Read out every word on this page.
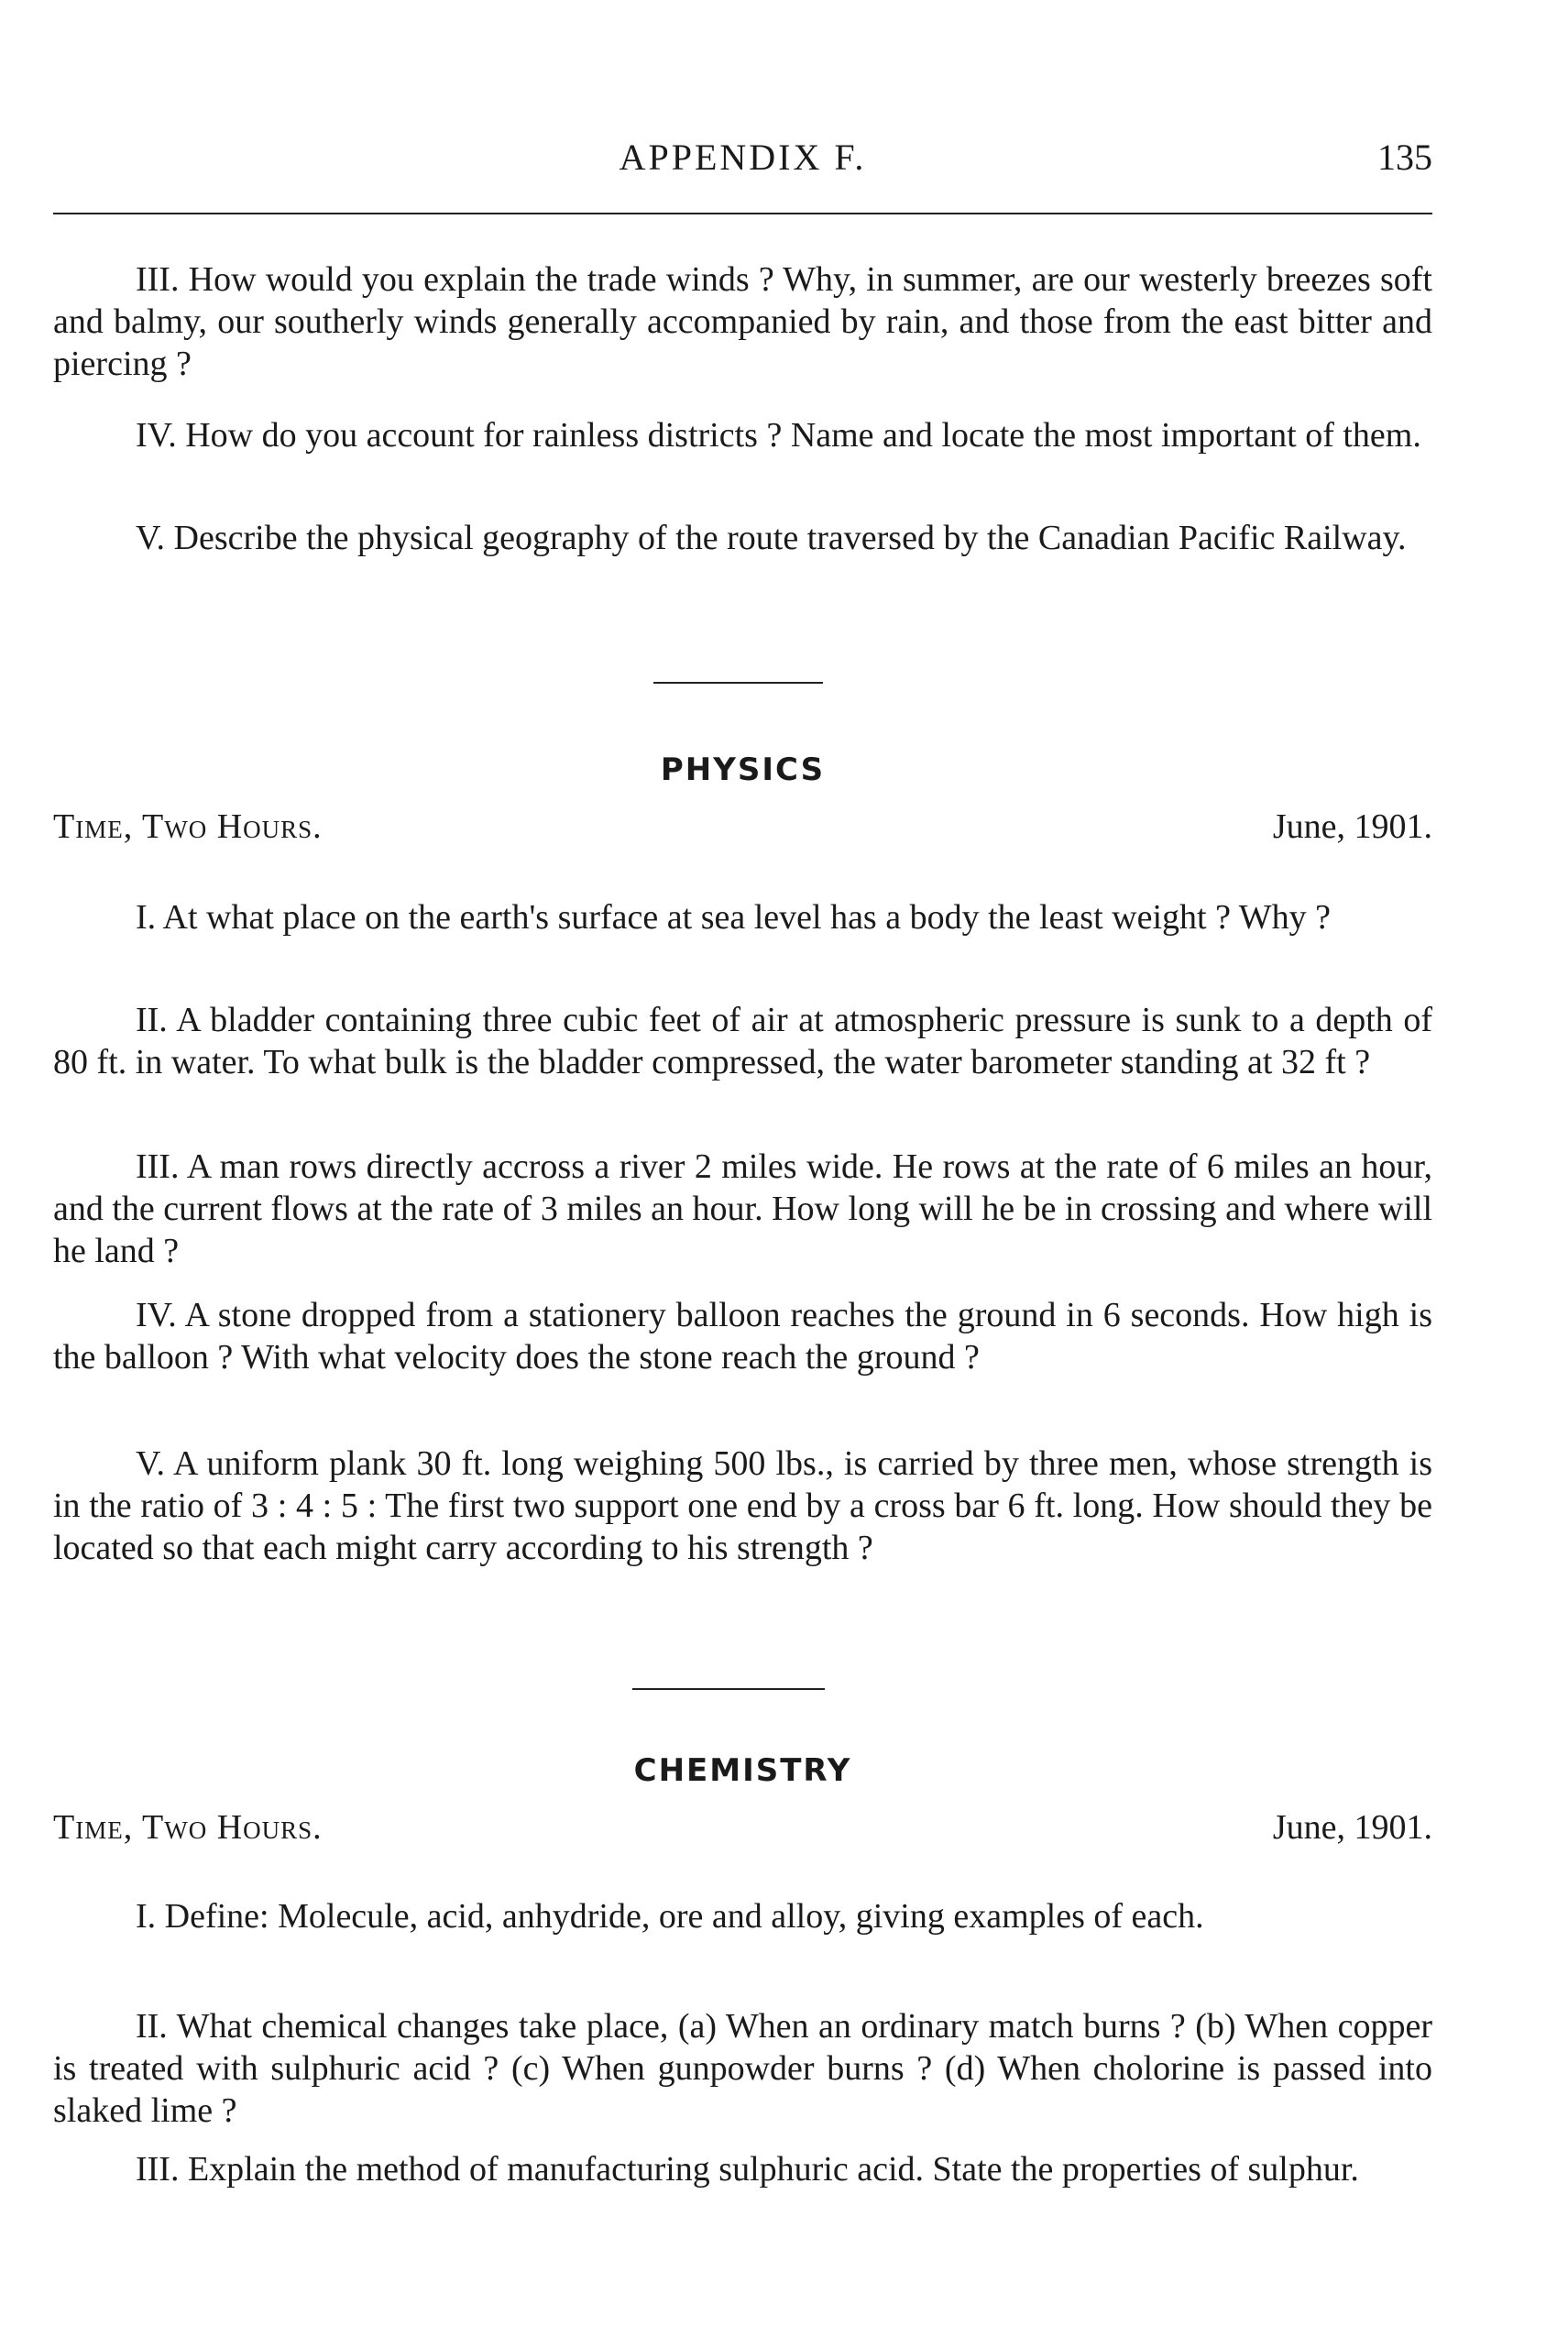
APPENDIX F.	135

III. How would you explain the trade winds ? Why, in summer, are our westerly breezes soft and balmy, our southerly winds generally accompanied by rain, and those from the east bitter and piercing ?

IV. How do you account for rainless districts ? Name and locate the most important of them.

V. Describe the physical geography of the route traversed by the Canadian Pacific Railway.

PHYSICS
Time, Two Hours.	June, 1901.

I. At what place on the earth's surface at sea level has a body the least weight ? Why ?

II. A bladder containing three cubic feet of air at atmospheric pressure is sunk to a depth of 80 ft. in water. To what bulk is the bladder compressed, the water barometer standing at 32 ft ?

III. A man rows directly accross a river 2 miles wide. He rows at the rate of 6 miles an hour, and the current flows at the rate of 3 miles an hour. How long will he be in crossing and where will he land ?

IV. A stone dropped from a stationery balloon reaches the ground in 6 seconds. How high is the balloon ? With what velocity does the stone reach the ground ?

V. A uniform plank 30 ft. long weighing 500 lbs., is carried by three men, whose strength is in the ratio of 3 : 4 : 5 : The first two support one end by a cross bar 6 ft. long. How should they be located so that each might carry according to his strength ?

CHEMISTRY
Time, Two Hours.	June, 1901.

I. Define: Molecule, acid, anhydride, ore and alloy, giving examples of each.

II. What chemical changes take place, (a) When an ordinary match burns ? (b) When copper is treated with sulphuric acid ? (c) When gunpowder burns ? (d) When cholorine is passed into slaked lime ?

III. Explain the method of manufacturing sulphuric acid. State the properties of sulphur.
